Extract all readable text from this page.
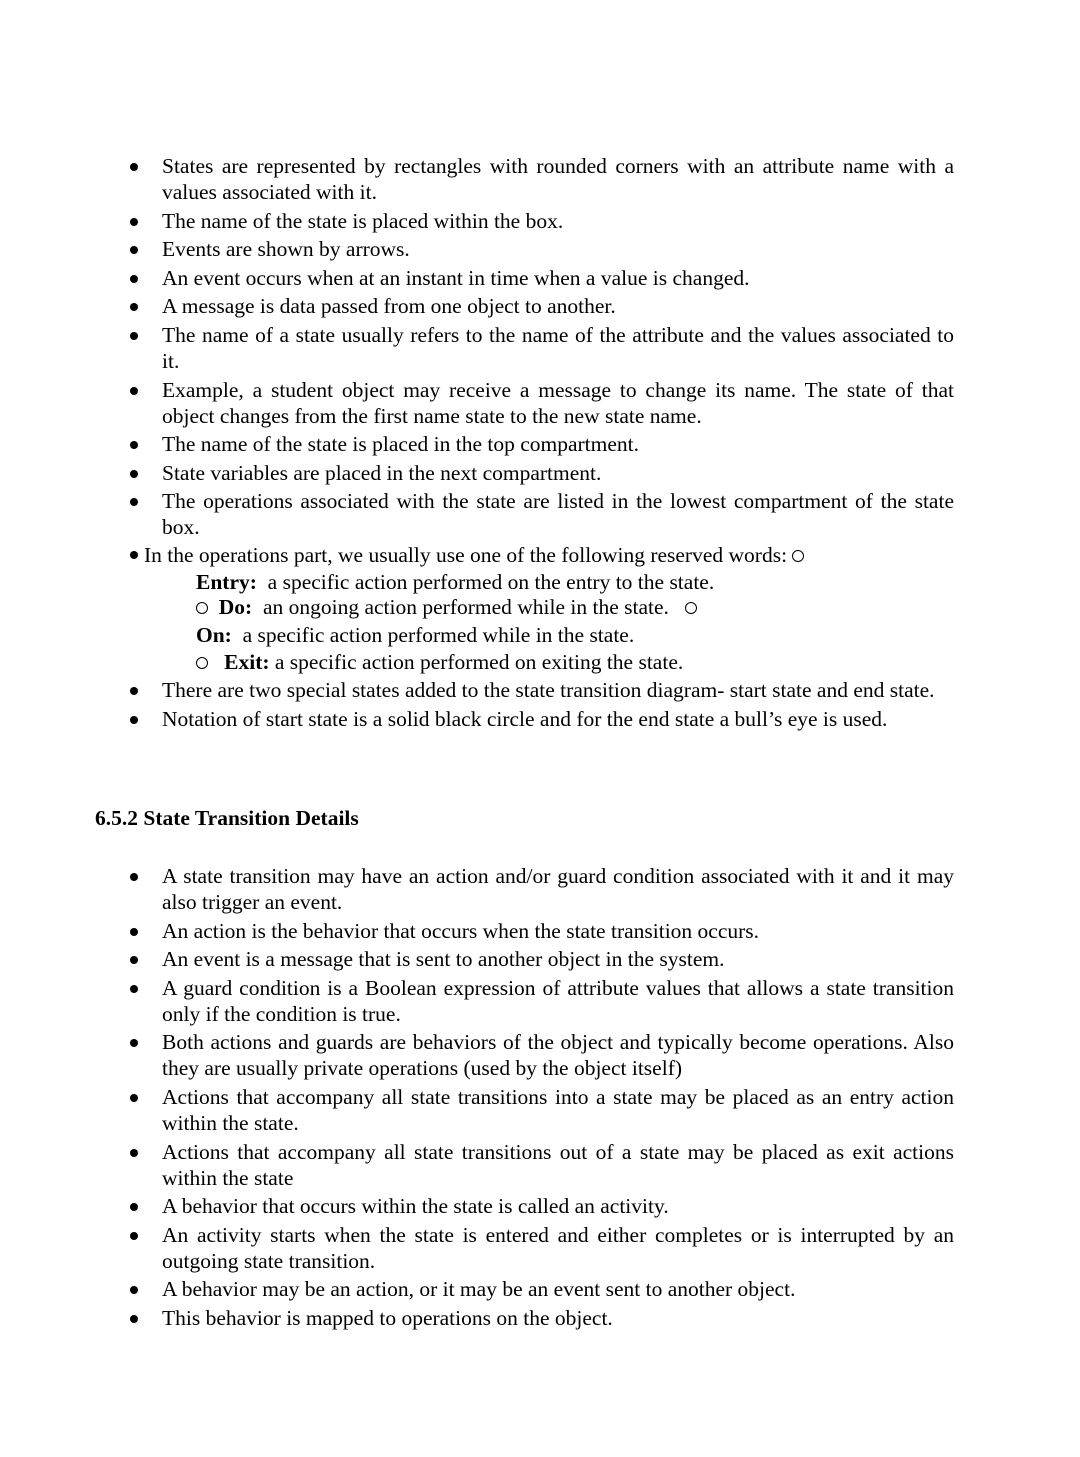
States are represented by rectangles with rounded corners with an attribute name with a values associated with it.
The name of the state is placed within the box.
Events are shown by arrows.
An event occurs when at an instant in time when a value is changed.
A message is data passed from one object to another.
The name of a state usually refers to the name of the attribute and the values associated to it.
Example, a student object may receive a message to change its name. The state of that object changes from the first name state to the new state name.
The name of the state is placed in the top compartment.
State variables are placed in the next compartment.
The operations associated with the state are listed in the lowest compartment of the state box.
In the operations part, we usually use one of the following reserved words:
Entry: a specific action performed on the entry to the state.
Do: an ongoing action performed while in the state.
On: a specific action performed while in the state.
Exit: a specific action performed on exiting the state.
There are two special states added to the state transition diagram- start state and end state.
Notation of start state is a solid black circle and for the end state a bull’s eye is used.
6.5.2 State Transition Details
A state transition may have an action and/or guard condition associated with it and it may also trigger an event.
An action is the behavior that occurs when the state transition occurs.
An event is a message that is sent to another object in the system.
A guard condition is a Boolean expression of attribute values that allows a state transition only if the condition is true.
Both actions and guards are behaviors of the object and typically become operations. Also they are usually private operations (used by the object itself)
Actions that accompany all state transitions into a state may be placed as an entry action within the state.
Actions that accompany all state transitions out of a state may be placed as exit actions within the state
A behavior that occurs within the state is called an activity.
An activity starts when the state is entered and either completes or is interrupted by an outgoing state transition.
A behavior may be an action, or it may be an event sent to another object.
This behavior is mapped to operations on the object.
